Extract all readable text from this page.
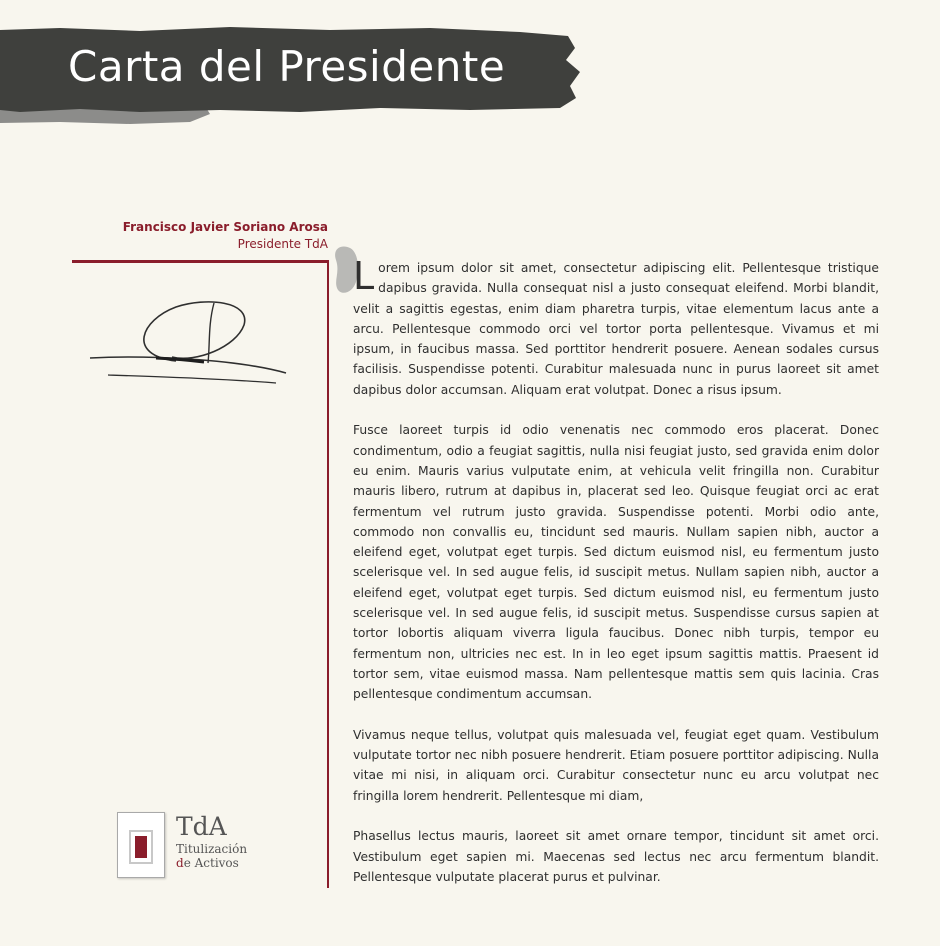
Carta del Presidente
Francisco Javier Soriano Arosa
Presidente TdA
TdA
Titulización
de Activos

Lorem ipsum dolor sit amet, consectetur adipiscing elit. Pellentesque tristique dapibus gravida. Nulla consequat nisl a justo consequat eleifend. Morbi blandit, velit a sagittis egestas, enim diam pharetra turpis, vitae elementum lacus ante a arcu. Pellentesque commodo orci vel tortor porta pellentesque. Vivamus et mi ipsum, in faucibus massa. Sed porttitor hendrerit posuere. Aenean sodales cursus facilisis. Suspendisse potenti. Curabitur malesuada nunc in purus laoreet sit amet dapibus dolor accumsan. Aliquam erat volutpat. Donec a risus ipsum.

Fusce laoreet turpis id odio venenatis nec commodo eros placerat. Donec condimentum, odio a feugiat sagittis, nulla nisi feugiat justo, sed gravida enim dolor eu enim. Mauris varius vulputate enim, at vehicula velit fringilla non. Curabitur mauris libero, rutrum at dapibus in, placerat sed leo. Quisque feugiat orci ac erat fermentum vel rutrum justo gravida. Suspendisse potenti. Morbi odio ante, commodo non convallis eu, tincidunt sed mauris. Nullam sapien nibh, auctor a eleifend eget, volutpat eget turpis. Sed dictum euismod nisl, eu fermentum justo scelerisque vel. In sed augue felis, id suscipit metus. Nullam sapien nibh, auctor a eleifend eget, volutpat eget turpis. Sed dictum euismod nisl, eu fermentum justo scelerisque vel. In sed augue felis, id suscipit metus. Suspendisse cursus sapien at tortor lobortis aliquam viverra ligula faucibus. Donec nibh turpis, tempor eu fermentum non, ultricies nec est. In in leo eget ipsum sagittis mattis. Praesent id tortor sem, vitae euismod massa. Nam pellentesque mattis sem quis lacinia. Cras pellentesque condimentum accumsan.

Vivamus neque tellus, volutpat quis malesuada vel, feugiat eget quam. Vestibulum vulputate tortor nec nibh posuere hendrerit. Etiam posuere porttitor adipiscing. Nulla vitae mi nisi, in aliquam orci. Curabitur consectetur nunc eu arcu volutpat nec fringilla lorem hendrerit. Pellentesque mi diam,

Phasellus lectus mauris, laoreet sit amet ornare tempor, tincidunt sit amet orci. Vestibulum eget sapien mi. Maecenas sed lectus nec arcu fermentum blandit. Pellentesque vulputate placerat purus et pulvinar.
